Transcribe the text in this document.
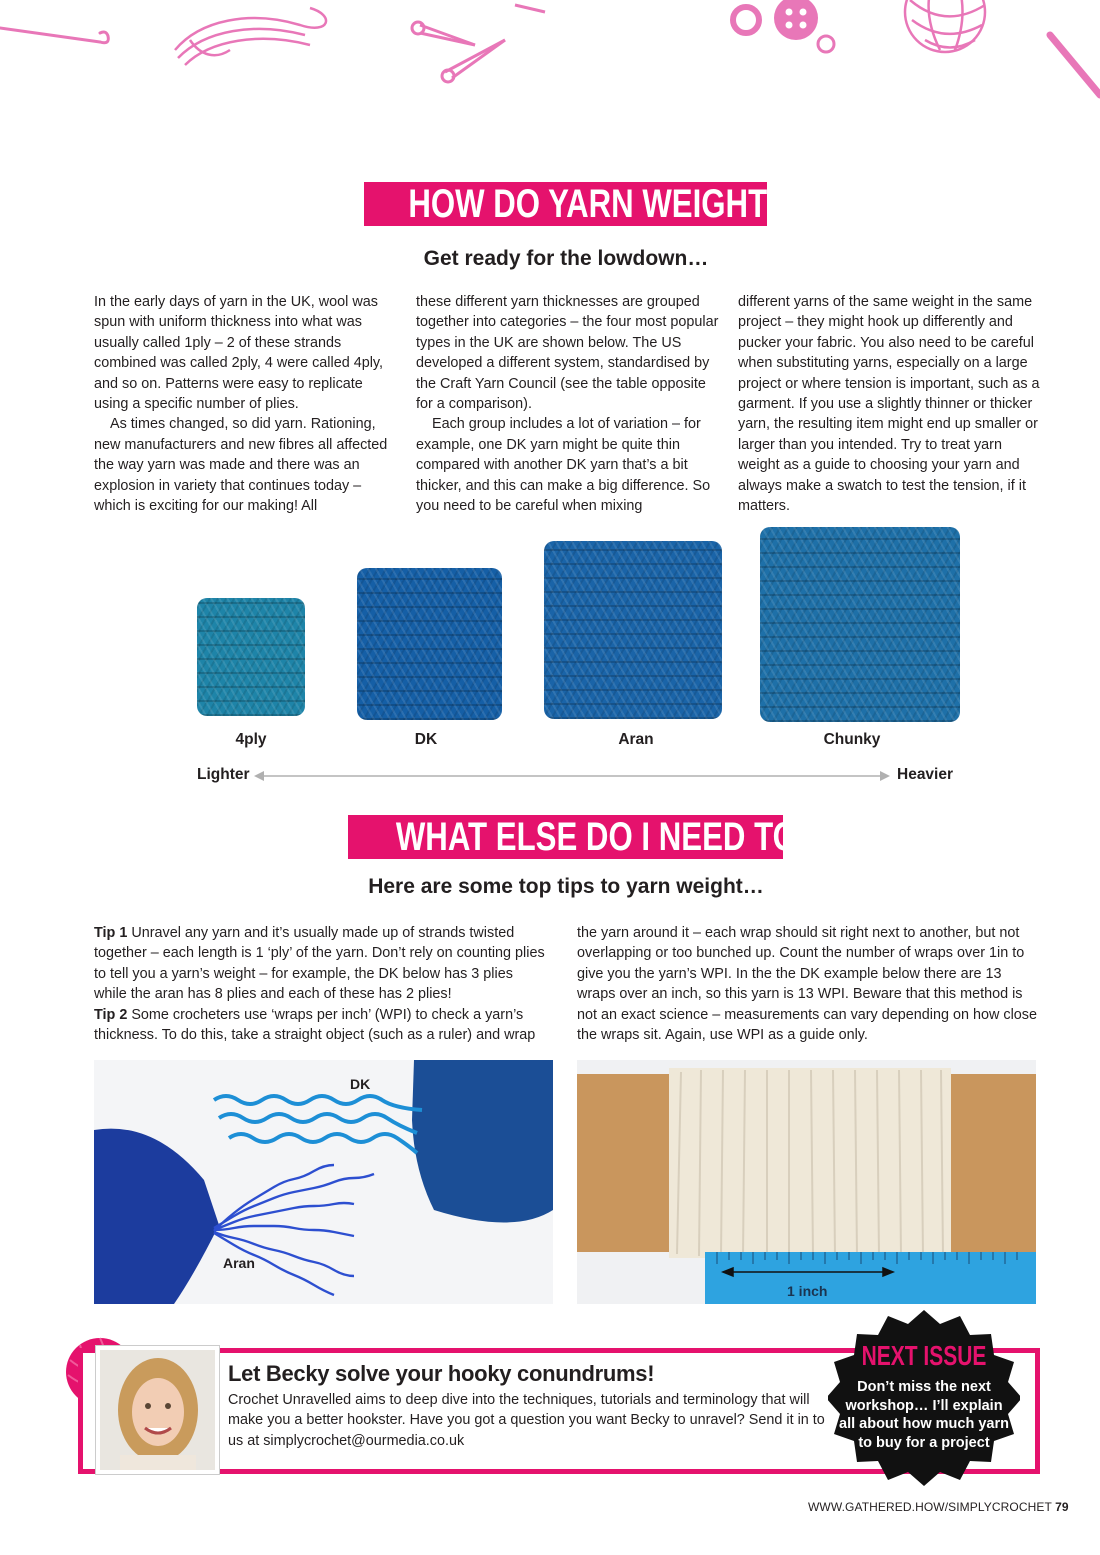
HOW DO YARN WEIGHTS VARY?
Get ready for the lowdown…

In the early days of yarn in the UK, wool was spun with uniform thickness into what was usually called 1ply – 2 of these strands combined was called 2ply, 4 were called 4ply, and so on. Patterns were easy to replicate using a specific number of plies.

As times changed, so did yarn. Rationing, new manufacturers and new fibres all affected the way yarn was made and there was an explosion in variety that continues today – which is exciting for our making! All

these different yarn thicknesses are grouped together into categories – the four most popular types in the UK are shown below. The US developed a different system, standardised by the Craft Yarn Council (see the table opposite for a comparison).

Each group includes a lot of variation – for example, one DK yarn might be quite thin compared with another DK yarn that’s a bit thicker, and this can make a big difference. So you need to be careful when mixing

different yarns of the same weight in the same project – they might hook up differently and pucker your fabric. You also need to be careful when substituting yarns, especially on a large project or where tension is important, such as a garment. If you use a slightly thinner or thicker yarn, the resulting item might end up smaller or larger than you intended. Try to treat yarn weight as a guide to choosing your yarn and always make a swatch to test the tension, if it matters.

4ply	DK	Aran	Chunky
Lighter	Heavier
WHAT ELSE DO I NEED TO KNOW?
Here are some top tips to yarn weight…

Tip 1 Unravel any yarn and it’s usually made up of strands twisted together – each length is 1 ‘ply’ of the yarn. Don’t rely on counting plies to tell you a yarn’s weight – for example, the DK below has 3 plies while the aran has 8 plies and each of these has 2 plies!

Tip 2 Some crocheters use ‘wraps per inch’ (WPI) to check a yarn’s thickness. To do this, take a straight object (such as a ruler) and wrap

the yarn around it – each wrap should sit right next to another, but not overlapping or too bunched up. Count the number of wraps over 1in to give you the yarn’s WPI. In the the DK example below there are 13 wraps over an inch, so this yarn is 13 WPI. Beware that this method is not an exact science – measurements can vary depending on how close the wraps sit. Again, use WPI as a guide only.

DK
Aran
1 inch
Let Becky solve your hooky conundrums!
Crochet Unravelled aims to deep dive into the techniques, tutorials and terminology that will make you a better hookster. Have you got a question you want Becky to unravel? Send it in to us at simplycrochet@ourmedia.co.uk
NEXT ISSUE
Don’t miss the next workshop… I’ll explain all about how much yarn to buy for a project
WWW.GATHERED.HOW/SIMPLYCROCHET 79
